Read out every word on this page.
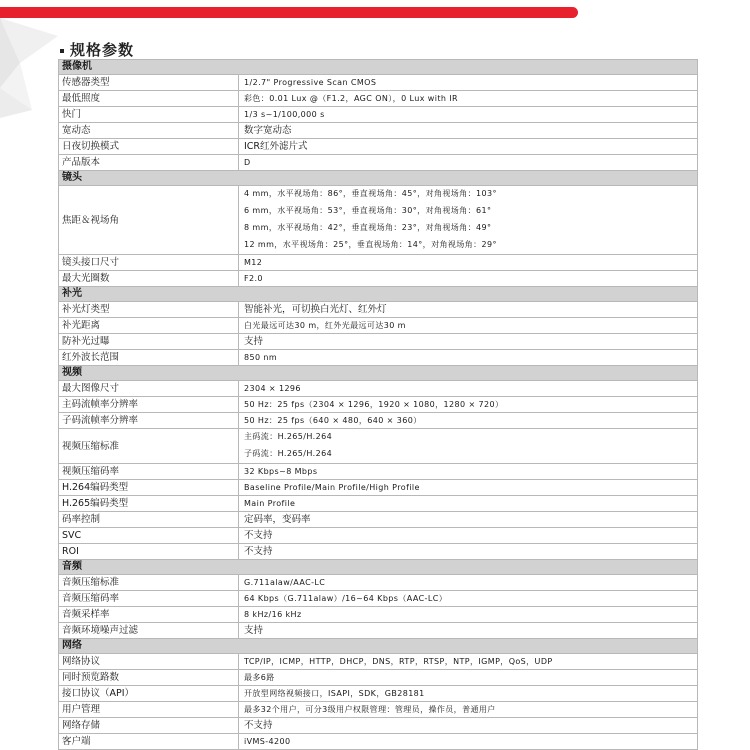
规格参数
摄像机	
传感器类型	1/2.7" Progressive Scan CMOS
最低照度	彩色：0.01 Lux @（F1.2，AGC ON），0 Lux with IR
快门	1/3 s~1/100,000 s
宽动态	数字宽动态
日夜切换模式	ICR红外滤片式
产品版本	D
镜头	
焦距＆视场角	4 mm，水平视场角：86°，垂直视场角：45°，对角视场角：103°
6 mm，水平视场角：53°，垂直视场角：30°，对角视场角：61°
8 mm，水平视场角：42°，垂直视场角：23°，对角视场角：49°
12 mm，水平视场角：25°，垂直视场角：14°，对角视场角：29°

镜头接口尺寸	M12
最大光圈数	F2.0
补光	
补光灯类型	智能补光，可切换白光灯、红外灯
补光距离	白光最远可达30 m，红外光最远可达30 m
防补光过曝	支持
红外波长范围	850 nm
视频	
最大图像尺寸	2304 × 1296
主码流帧率分辨率	50 Hz：25 fps（2304 × 1296，1920 × 1080，1280 × 720）
子码流帧率分辨率	50 Hz：25 fps（640 × 480，640 × 360）
视频压缩标准	主码流：H.265/H.264
子码流：H.265/H.264

视频压缩码率	32 Kbps~8 Mbps
H.264编码类型	Baseline Profile/Main Profile/High Profile
H.265编码类型	Main Profile
码率控制	定码率，变码率
SVC	不支持
ROI	不支持
音频	
音频压缩标准	G.711alaw/AAC-LC
音频压缩码率	64 Kbps（G.711alaw）/16~64 Kbps（AAC-LC）
音频采样率	8 kHz/16 kHz
音频环境噪声过滤	支持
网络	
网络协议	TCP/IP，ICMP，HTTP，DHCP，DNS，RTP，RTSP，NTP，IGMP，QoS，UDP
同时预览路数	最多6路
接口协议（API）	开放型网络视频接口，ISAPI，SDK，GB28181
用户管理	最多32个用户，可分3级用户权限管理：管理员，操作员，普通用户
网络存储	不支持
客户端	iVMS-4200
